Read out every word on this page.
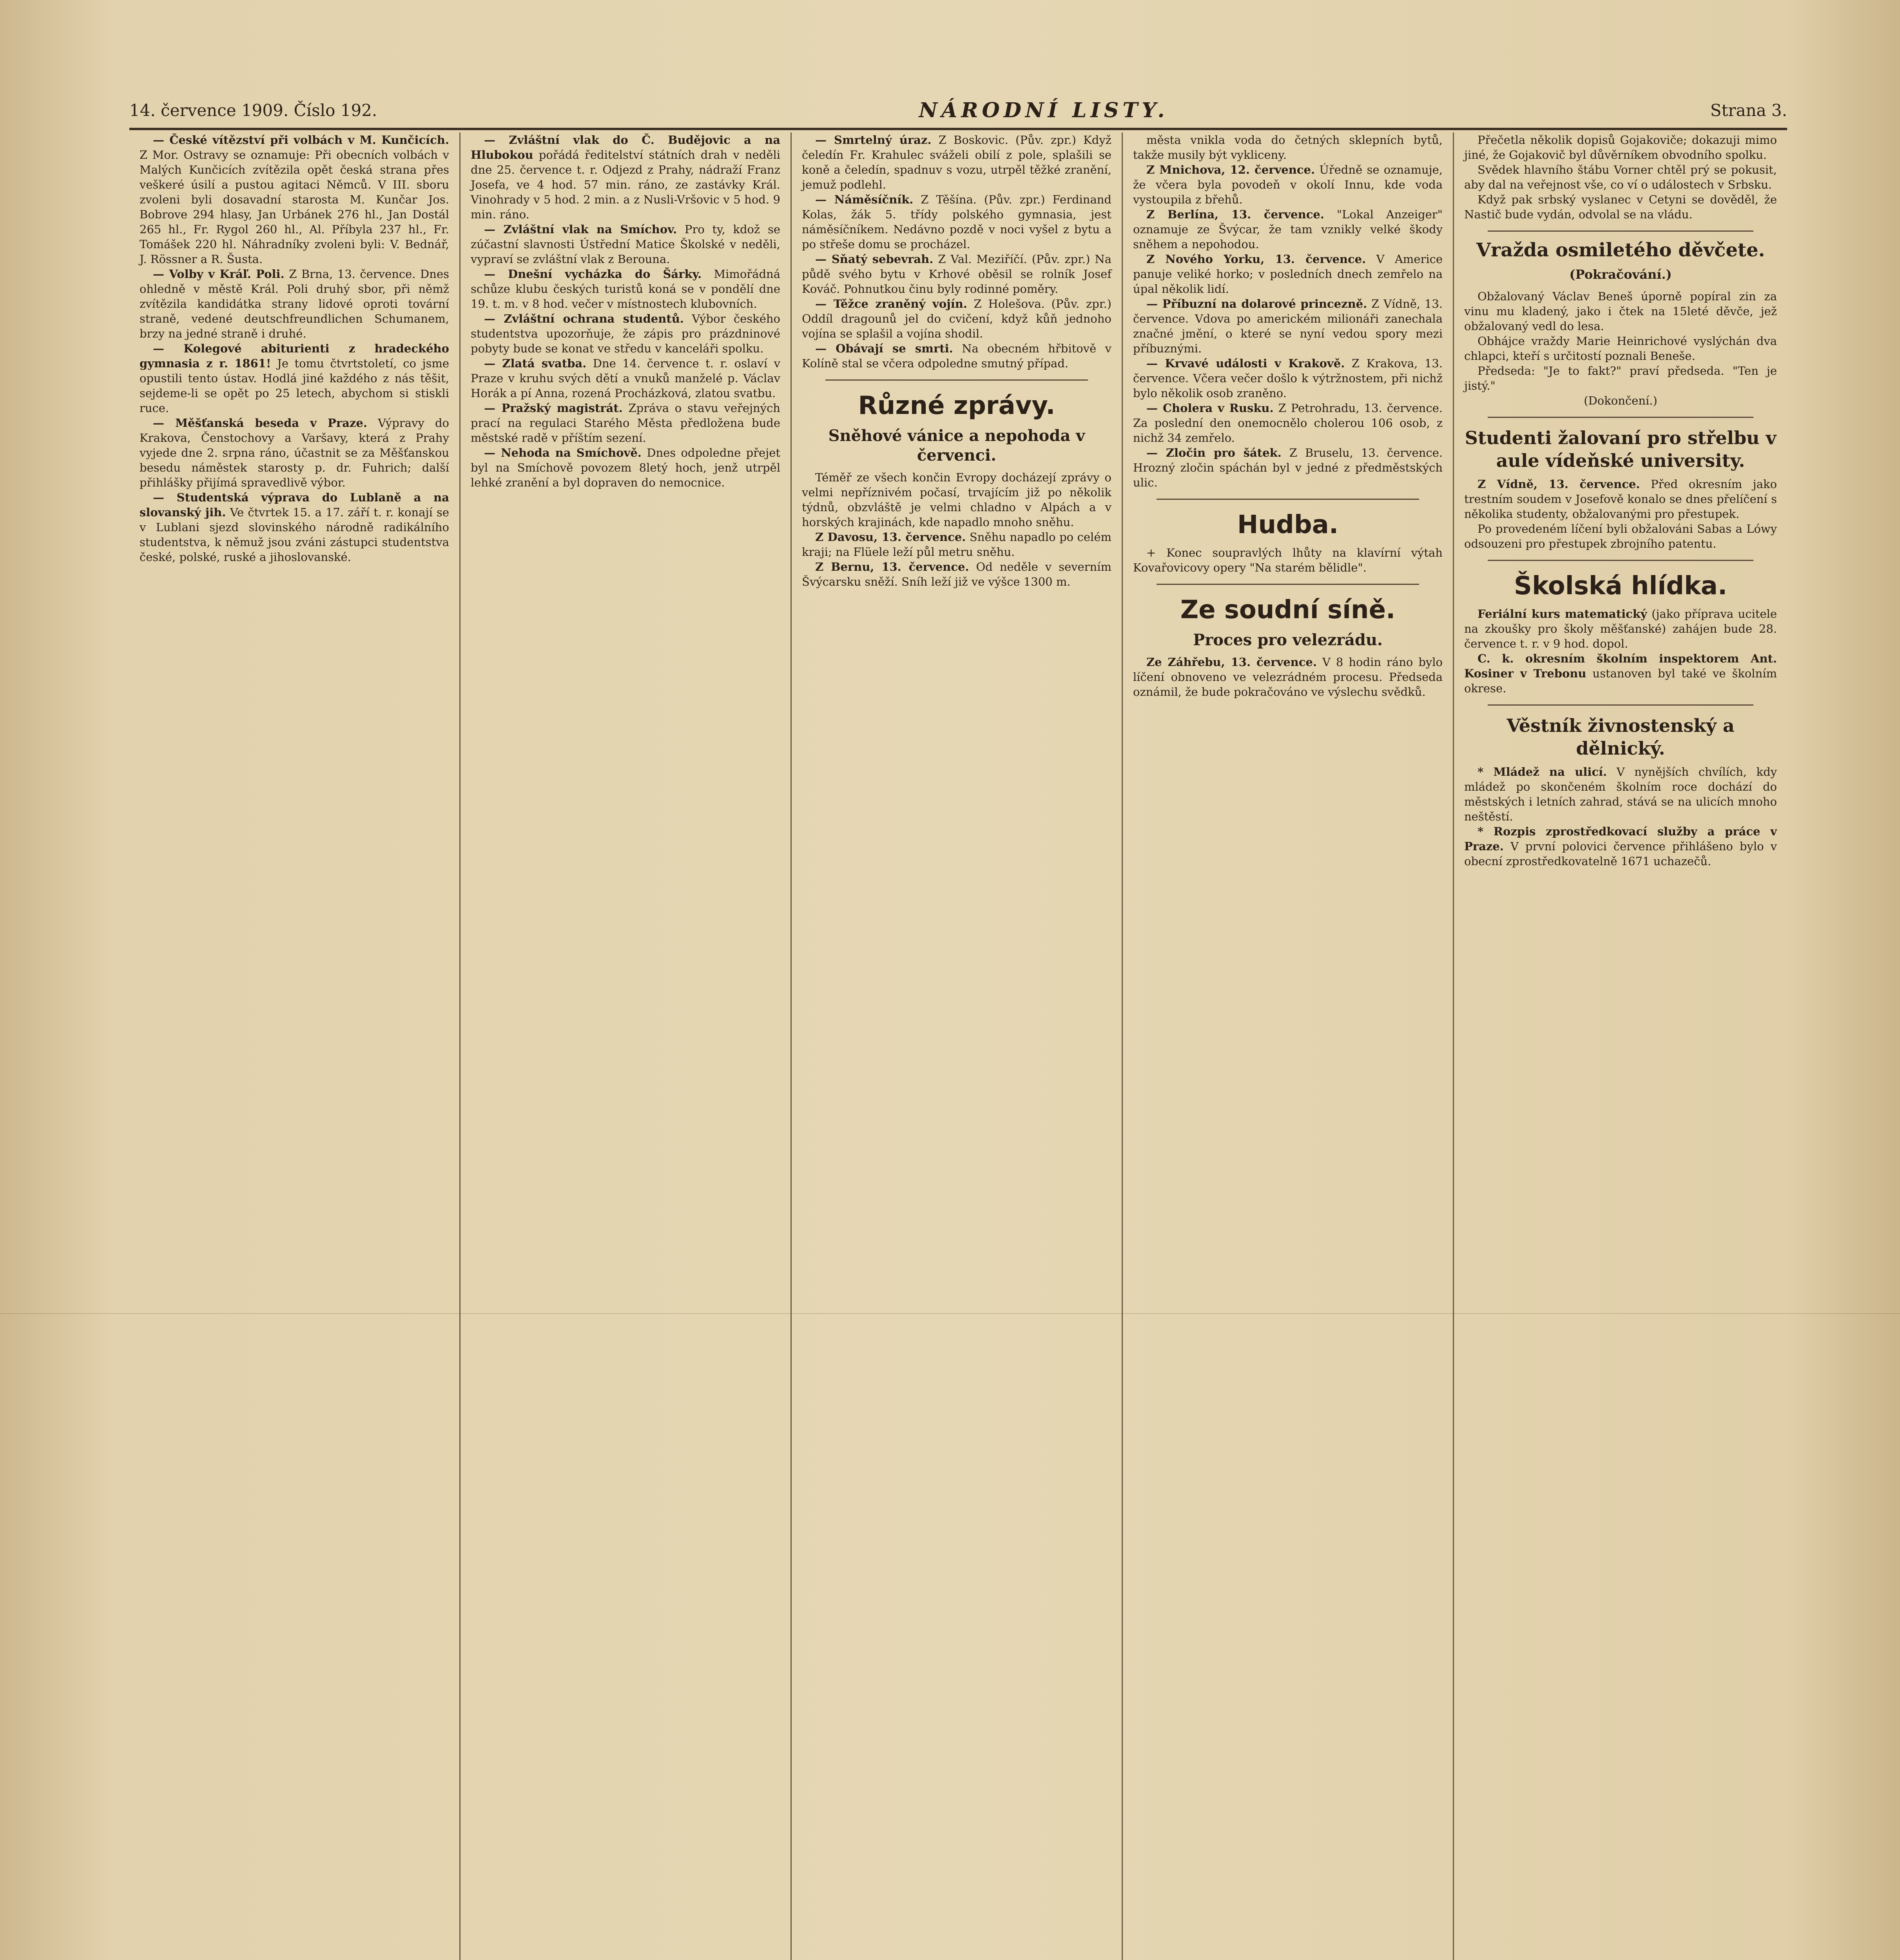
14. července 1909. Číslo 192.	NÁRODNÍ LISTY.	Strana 3.

— České vítězství při volbách v M. Kunčicích. Z Mor. Ostravy se oznamuje: Při obecních volbách v Malých Kunčicích zvítězila opět česká strana přes veškeré úsilí a pustou agitaci Němců. V III. sboru zvoleni byli dosavadní starosta M. Kunčar Jos. Bobrove 294 hlasy, Jan Urbánek 276 hl., Jan Dostál 265 hl., Fr. Rygol 260 hl., Al. Příbyla 237 hl., Fr. Tomášek 220 hl. Náhradníky zvoleni byli: V. Bednář, J. Rössner a R. Šusta.

— Volby v Kráľ. Poli. Z Brna, 13. července. Dnes ohledně v městě Král. Poli druhý sbor, při němž zvítězila kandidátka strany lidové oproti tovární straně, vedené deutschfreundlichen Schumanem, brzy na jedné straně i druhé.

— Kolegové abiturienti z hradeckého gymnasia z r. 1861! Je tomu čtvrtstoletí, co jsme opustili tento ústav. Hodlá jiné každého z nás těšit, sejdeme-li se opět po 25 letech, abychom si stiskli ruce.

— Měšťanská beseda v Praze. Výpravy do Krakova, Čenstochovy a Varšavy, která z Prahy vyjede dne 2. srpna ráno, účastnit se za Měšťanskou besedu náměstek starosty p. dr. Fuhrich; další přihlášky přijímá spravedlivě výbor.

— Studentská výprava do Lublaně a na slovanský jih. Ve čtvrtek 15. a 17. září t. r. konají se v Lublani sjezd slovinského národně radikálního studentstva, k němuž jsou zváni zástupci studentstva české, polské, ruské a jihoslovanské.

— Zvláštní vlak do Č. Budějovic a na Hlubokou pořádá ředitelství státních drah v neděli dne 25. července t. r. Odjezd z Prahy, nádraží Franz Josefa, ve 4 hod. 57 min. ráno, ze zastávky Král. Vinohrady v 5 hod. 2 min. a z Nusli-Vršovic v 5 hod. 9 min. ráno.

— Zvláštní vlak na Smíchov. Pro ty, kdož se zúčastní slavnosti Ústřední Matice Školské v neděli, vypraví se zvláštní vlak z Berouna.

— Dnešní vycházka do Šárky. Mimořádná schůze klubu českých turistů koná se v pondělí dne 19. t. m. v 8 hod. večer v místnostech klubovních.

— Zvláštní ochrana studentů. Výbor českého studentstva upozorňuje, že zápis pro prázdninové pobyty bude se konat ve středu v kanceláři spolku.

— Zlatá svatba. Dne 14. července t. r. oslaví v Praze v kruhu svých dětí a vnuků manželé p. Václav Horák a pí Anna, rozená Procházková, zlatou svatbu.

— Pražský magistrát. Zpráva o stavu veřejných prací na regulaci Starého Města předložena bude městské radě v příštím sezení.

— Nehoda na Smíchově. Dnes odpoledne přejet byl na Smíchově povozem 8letý hoch, jenž utrpěl lehké zranění a byl dopraven do nemocnice.

— Smrtelný úraz. Z Boskovic. (Pův. zpr.) Když čeledín Fr. Krahulec sváželi obilí z pole, splašili se koně a čeledín, spadnuv s vozu, utrpěl těžké zranění, jemuž podlehl.

— Náměsíčník. Z Těšína. (Pův. zpr.) Ferdinand Kolas, žák 5. třídy polského gymnasia, jest náměsíčníkem. Nedávno pozdě v noci vyšel z bytu a po střeše domu se procházel.

— Sňatý sebevrah. Z Val. Meziříčí. (Pův. zpr.) Na půdě svého bytu v Krhové oběsil se rolník Josef Kováč. Pohnutkou činu byly rodinné poměry.

— Těžce zraněný vojín. Z Holešova. (Pův. zpr.) Oddíl dragounů jel do cvičení, když kůň jednoho vojína se splašil a vojína shodil.

— Obávají se smrti. Na obecném hřbitově v Kolíně stal se včera odpoledne smutný případ.

Různé zprávy.
Sněhové vánice a nepohoda v červenci.

Téměř ze všech končin Evropy docházejí zprávy o velmi nepříznivém počasí, trvajícím již po několik týdnů, obzvláště je velmi chladno v Alpách a v horských krajinách, kde napadlo mnoho sněhu.

Z Davosu, 13. července. Sněhu napadlo po celém kraji; na Flüele leží půl metru sněhu.

Z Bernu, 13. července. Od neděle v severním Švýcarsku sněží. Sníh leží již ve výšce 1300 m.

města vnikla voda do četných sklepních bytů, takže musily být vykliceny.

Z Mnichova, 12. července. Úředně se oznamuje, že včera byla povodeň v okolí Innu, kde voda vystoupila z břehů.

Z Berlína, 13. července. "Lokal Anzeiger" oznamuje ze Švýcar, že tam vznikly velké škody sněhem a nepohodou.

Z Nového Yorku, 13. července. V Americe panuje veliké horko; v posledních dnech zemřelo na úpal několik lidí.

— Příbuzní na dolarové princezně. Z Vídně, 13. července. Vdova po americkém milionáři zanechala značné jmění, o které se nyní vedou spory mezi příbuznými.

— Krvavé události v Krakově. Z Krakova, 13. července. Včera večer došlo k výtržnostem, při nichž bylo několik osob zraněno.

— Cholera v Rusku. Z Petrohradu, 13. července. Za poslední den onemocnělo cholerou 106 osob, z nichž 34 zemřelo.

— Zločin pro šátek. Z Bruselu, 13. července. Hrozný zločin spáchán byl v jedné z předměstských ulic.

Hudba.

+ Konec soupravlých lhůty na klavírní výtah Kovařovicovy opery "Na starém bělidle".

Ze soudní síně.
Proces pro velezrádu.

Ze Záhřebu, 13. července. V 8 hodin ráno bylo líčení obnoveno ve velezrádném procesu. Předseda oznámil, že bude pokračováno ve výslechu svědků.

Přečetla několik dopisů Gojakoviče; dokazuji mimo jiné, že Gojakovič byl důvěrníkem obvodního spolku.

Svědek hlavního štábu Vorner chtěl prý se pokusit, aby dal na veřejnost vše, co ví o událostech v Srbsku.

Když pak srbský vyslanec v Cetyni se dověděl, že Nastič bude vydán, odvolal se na vládu.

Vražda osmiletého děvčete.
(Pokračování.)

Obžalovaný Václav Beneš úporně popíral zin za vinu mu kladený, jako i čtek na 15leté děvče, jež obžalovaný vedl do lesa.

Obhájce vraždy Marie Heinrichové vyslýchán dva chlapci, kteří s určitostí poznali Beneše.

Předseda: "Je to fakt?" praví předseda. "Ten je jistý."

(Dokončení.)

Studenti žalovaní pro střelbu v aule vídeňské university.

Z Vídně, 13. července. Před okresním jako trestním soudem v Josefově konalo se dnes přelíčení s několika studenty, obžalovanými pro přestupek.

Po provedeném líčení byli obžalováni Sabas a Lówy odsouzeni pro přestupek zbrojního patentu.

Školská hlídka.

Feriální kurs matematický (jako příprava ucitele na zkoušky pro školy měšťanské) zahájen bude 28. července t. r. v 9 hod. dopol.

C. k. okresním školním inspektorem Ant. Kosiner v Trebonu ustanoven byl také ve školním okrese.

Věstník živnostenský a dělnický.

* Mládež na ulicí. V nynějších chvílích, kdy mládež po skončeném školním roce dochází do městských i letních zahrad, stává se na ulicích mnoho neštěstí.

* Rozpis zprostředkovací služby a práce v Praze. V první polovici července přihlášeno bylo v obecní zprostředkovatelně 1671 uchazečů.
